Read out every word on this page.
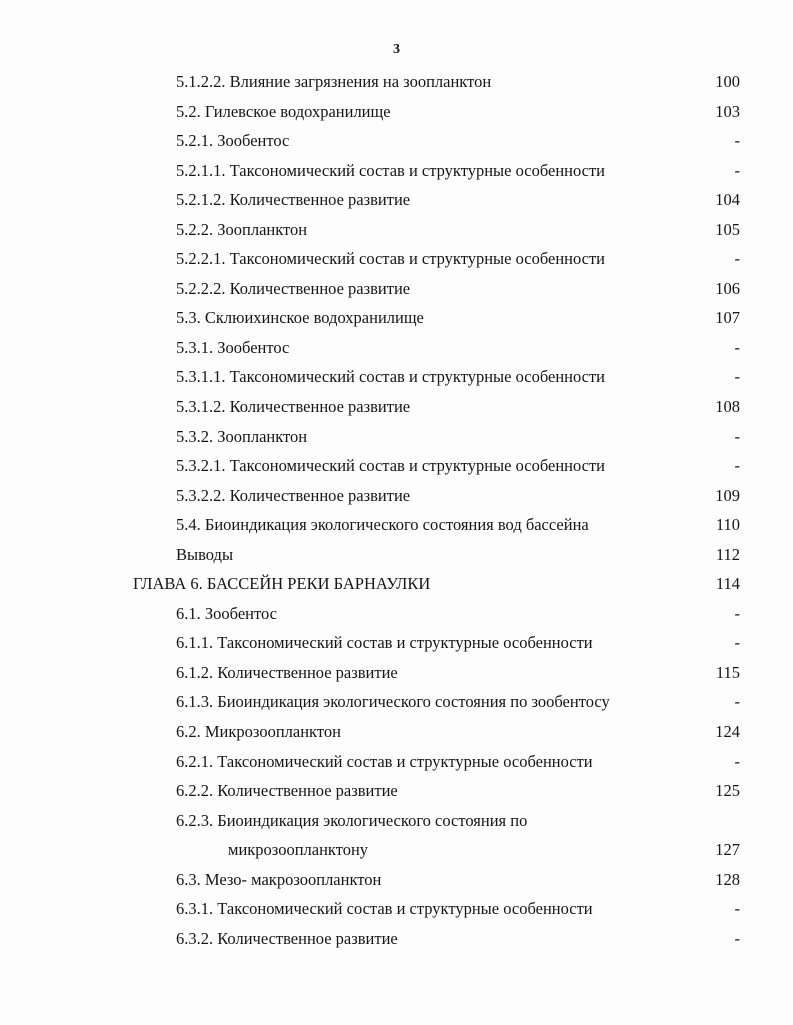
3
5.1.2.2. Влияние загрязнения на зоопланктон	100
5.2. Гилевское водохранилище	103
5.2.1. Зообентос	-
5.2.1.1. Таксономический состав и структурные особенности	-
5.2.1.2. Количественное развитие	104
5.2.2. Зоопланктон	105
5.2.2.1. Таксономический состав и структурные особенности	-
5.2.2.2. Количественное развитие	106
5.3. Склюихинское водохранилище	107
5.3.1. Зообентос	-
5.3.1.1. Таксономический состав и структурные особенности	-
5.3.1.2. Количественное развитие	108
5.3.2. Зоопланктон	-
5.3.2.1. Таксономический состав и структурные особенности	-
5.3.2.2. Количественное развитие	109
5.4. Биоиндикация экологического состояния вод бассейна	110
Выводы	112
ГЛАВА 6. БАССЕЙН РЕКИ БАРНАУЛКИ	114
6.1. Зообентос	-
6.1.1. Таксономический состав и структурные особенности	-
6.1.2. Количественное развитие	115
6.1.3. Биоиндикация экологического состояния по зообентосу	-
6.2. Микрозоопланктон	124
6.2.1. Таксономический состав и структурные особенности	-
6.2.2. Количественное развитие	125
6.2.3. Биоиндикация экологического состояния по
микрозоопланктону	127
6.3. Мезо- макрозоопланктон	128
6.3.1. Таксономический состав и структурные особенности	-
6.3.2. Количественное развитие	-
